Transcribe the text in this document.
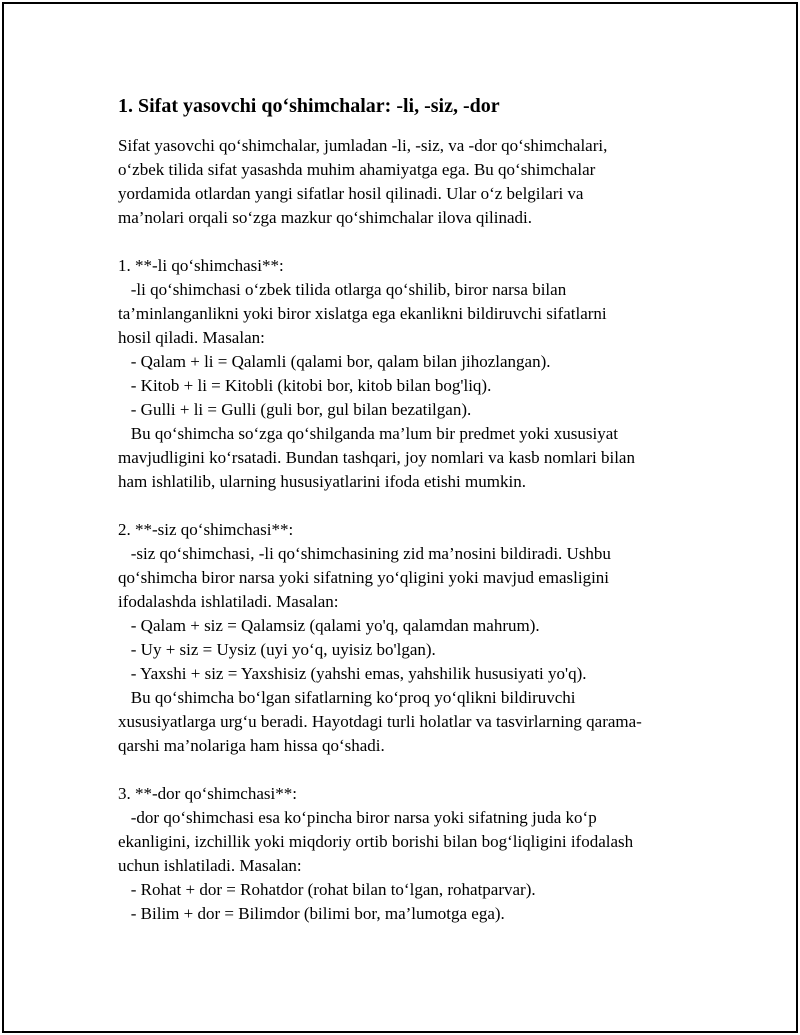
1. Sifat yasovchi qo‘shimchalar: -li, -siz, -dor
Sifat yasovchi qo‘shimchalar, jumladan -li, -siz, va -dor qo‘shimchalari,
o‘zbek tilida sifat yasashda muhim ahamiyatga ega. Bu qo‘shimchalar
yordamida otlardan yangi sifatlar hosil qilinadi. Ular o‘z belgilari va
ma’nolari orqali so‘zga mazkur qo‘shimchalar ilova qilinadi.
1. **-li qo‘shimchasi**:
-li qo‘shimchasi o‘zbek tilida otlarga qo‘shilib, biror narsa bilan
ta’minlanganlikni yoki biror xislatga ega ekanlikni bildiruvchi sifatlarni
hosil qiladi. Masalan:
- Qalam + li = Qalamli (qalami bor, qalam bilan jihozlangan).
- Kitob + li = Kitobli (kitobi bor, kitob bilan bog'liq).
- Gulli + li = Gulli (guli bor, gul bilan bezatilgan).
Bu qo‘shimcha so‘zga qo‘shilganda ma’lum bir predmet yoki xususiyat
mavjudligini ko‘rsatadi. Bundan tashqari, joy nomlari va kasb nomlari bilan
ham ishlatilib, ularning hususiyatlarini ifoda etishi mumkin.
2. **-siz qo‘shimchasi**:
-siz qo‘shimchasi, -li qo‘shimchasining zid ma’nosini bildiradi. Ushbu
qo‘shimcha biror narsa yoki sifatning yo‘qligini yoki mavjud emasligini
ifodalashda ishlatiladi. Masalan:
- Qalam + siz = Qalamsiz (qalami yo'q, qalamdan mahrum).
- Uy + siz = Uysiz (uyi yo‘q, uyisiz bo'lgan).
- Yaxshi + siz = Yaxshisiz (yahshi emas, yahshilik hususiyati yo'q).
Bu qo‘shimcha bo‘lgan sifatlarning ko‘proq yo‘qlikni bildiruvchi
xususiyatlarga urg‘u beradi. Hayotdagi turli holatlar va tasvirlarning qarama-
qarshi ma’nolariga ham hissa qo‘shadi.
3. **-dor qo‘shimchasi**:
-dor qo‘shimchasi esa ko‘pincha biror narsa yoki sifatning juda ko‘p
ekanligini, izchillik yoki miqdoriy ortib borishi bilan bog‘liqligini ifodalash
uchun ishlatiladi. Masalan:
- Rohat + dor = Rohatdor (rohat bilan to‘lgan, rohatparvar).
- Bilim + dor = Bilimdor (bilimi bor, ma’lumotga ega).
